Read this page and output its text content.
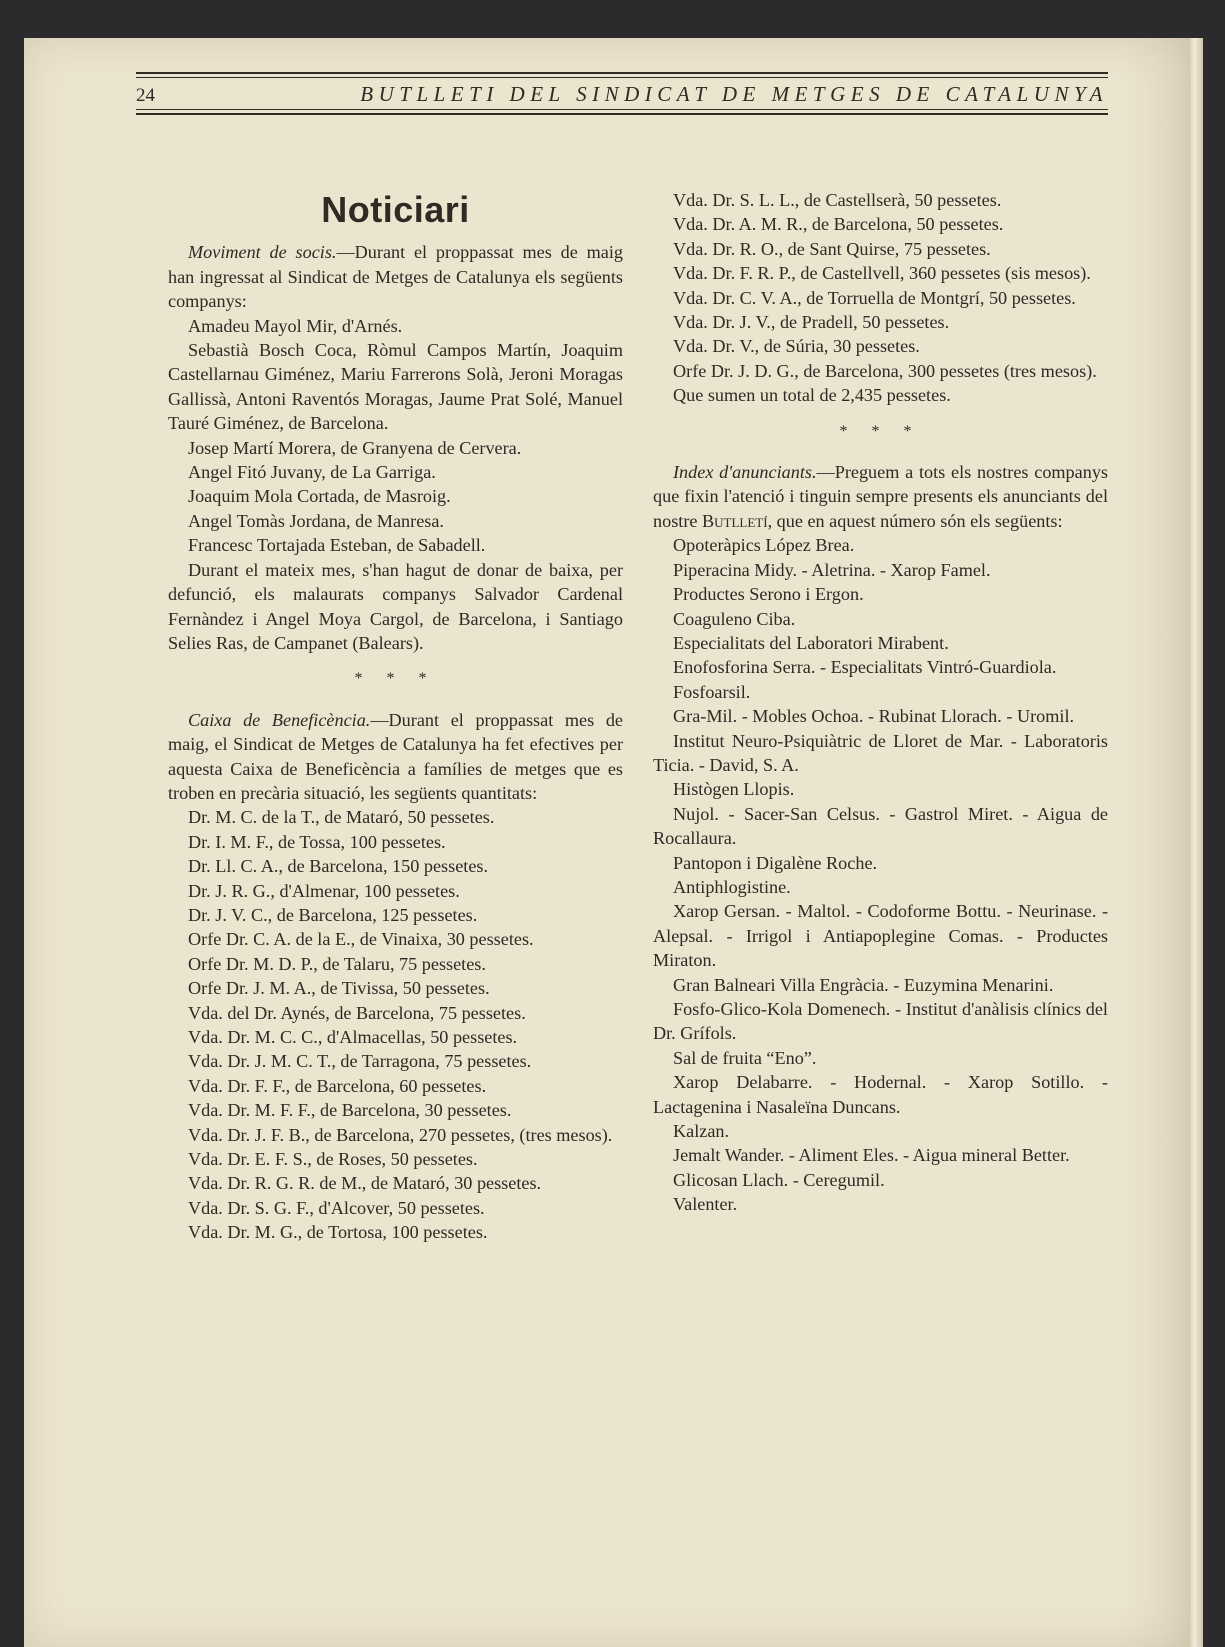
24	BUTLLETI DEL SINDICAT DE METGES DE CATALUNYA
Noticiari

Moviment de socis.—Durant el proppassat mes de maig han ingressat al Sindicat de Metges de Catalunya els següents companys:

Amadeu Mayol Mir, d'Arnés.

Sebastià Bosch Coca, Ròmul Campos Martín, Joaquim Castellarnau Giménez, Mariu Farrerons Solà, Jeroni Moragas Gallissà, Antoni Raventós Moragas, Jaume Prat Solé, Manuel Tauré Giménez, de Barcelona.

Josep Martí Morera, de Granyena de Cervera.

Angel Fitó Juvany, de La Garriga.

Joaquim Mola Cortada, de Masroig.

Angel Tomàs Jordana, de Manresa.

Francesc Tortajada Esteban, de Sabadell.

Durant el mateix mes, s'han hagut de donar de baixa, per defunció, els malaurats companys Salvador Cardenal Fernàndez i Angel Moya Cargol, de Barcelona, i Santiago Selies Ras, de Campanet (Balears).

* * *

Caixa de Beneficència.—Durant el proppassat mes de maig, el Sindicat de Metges de Catalunya ha fet efectives per aquesta Caixa de Beneficència a famílies de metges que es troben en precària situació, les següents quantitats:

Dr. M. C. de la T., de Mataró, 50 pessetes.

Dr. I. M. F., de Tossa, 100 pessetes.

Dr. Ll. C. A., de Barcelona, 150 pessetes.

Dr. J. R. G., d'Almenar, 100 pessetes.

Dr. J. V. C., de Barcelona, 125 pessetes.

Orfe Dr. C. A. de la E., de Vinaixa, 30 pessetes.

Orfe Dr. M. D. P., de Talaru, 75 pessetes.

Orfe Dr. J. M. A., de Tivissa, 50 pessetes.

Vda. del Dr. Aynés, de Barcelona, 75 pessetes.

Vda. Dr. M. C. C., d'Almacellas, 50 pessetes.

Vda. Dr. J. M. C. T., de Tarragona, 75 pessetes.

Vda. Dr. F. F., de Barcelona, 60 pessetes.

Vda. Dr. M. F. F., de Barcelona, 30 pessetes.

Vda. Dr. J. F. B., de Barcelona, 270 pessetes, (tres mesos).

Vda. Dr. E. F. S., de Roses, 50 pessetes.

Vda. Dr. R. G. R. de M., de Mataró, 30 pessetes.

Vda. Dr. S. G. F., d'Alcover, 50 pessetes.

Vda. Dr. M. G., de Tortosa, 100 pessetes.

Vda. Dr. S. L. L., de Castellserà, 50 pessetes.

Vda. Dr. A. M. R., de Barcelona, 50 pessetes.

Vda. Dr. R. O., de Sant Quirse, 75 pessetes.

Vda. Dr. F. R. P., de Castellvell, 360 pessetes (sis mesos).

Vda. Dr. C. V. A., de Torruella de Montgrí, 50 pessetes.

Vda. Dr. J. V., de Pradell, 50 pessetes.

Vda. Dr. V., de Súria, 30 pessetes.

Orfe Dr. J. D. G., de Barcelona, 300 pessetes (tres mesos).

Que sumen un total de 2,435 pessetes.

* * *

Index d'anunciants.—Preguem a tots els nostres companys que fixin l'atenció i tinguin sempre presents els anunciants del nostre Butlletí, que en aquest número són els següents:

Opoteràpics López Brea.

Piperacina Midy. - Aletrina. - Xarop Famel.

Productes Serono i Ergon.

Coaguleno Ciba.

Especialitats del Laboratori Mirabent.

Enofosforina Serra. - Especialitats Vintró-Guardiola.

Fosfoarsil.

Gra-Mil. - Mobles Ochoa. - Rubinat Llorach. - Uromil.

Institut Neuro-Psiquiàtric de Lloret de Mar. - Laboratoris Ticia. - David, S. A.

Histògen Llopis.

Nujol. - Sacer-San Celsus. - Gastrol Miret. - Aigua de Rocallaura.

Pantopon i Digalène Roche.

Antiphlogistine.

Xarop Gersan. - Maltol. - Codoforme Bottu. - Neurinase. - Alepsal. - Irrigol i Antiapoplegine Comas. - Productes Miraton.

Gran Balneari Villa Engràcia. - Euzymina Menarini.

Fosfo-Glico-Kola Domenech. - Institut d'anàlisis clínics del Dr. Grífols.

Sal de fruita “Eno”.

Xarop Delabarre. - Hodernal. - Xarop Sotillo. - Lactagenina i Nasaleïna Duncans.

Kalzan.

Jemalt Wander. - Aliment Eles. - Aigua mineral Better.

Glicosan Llach. - Ceregumil.

Valenter.
